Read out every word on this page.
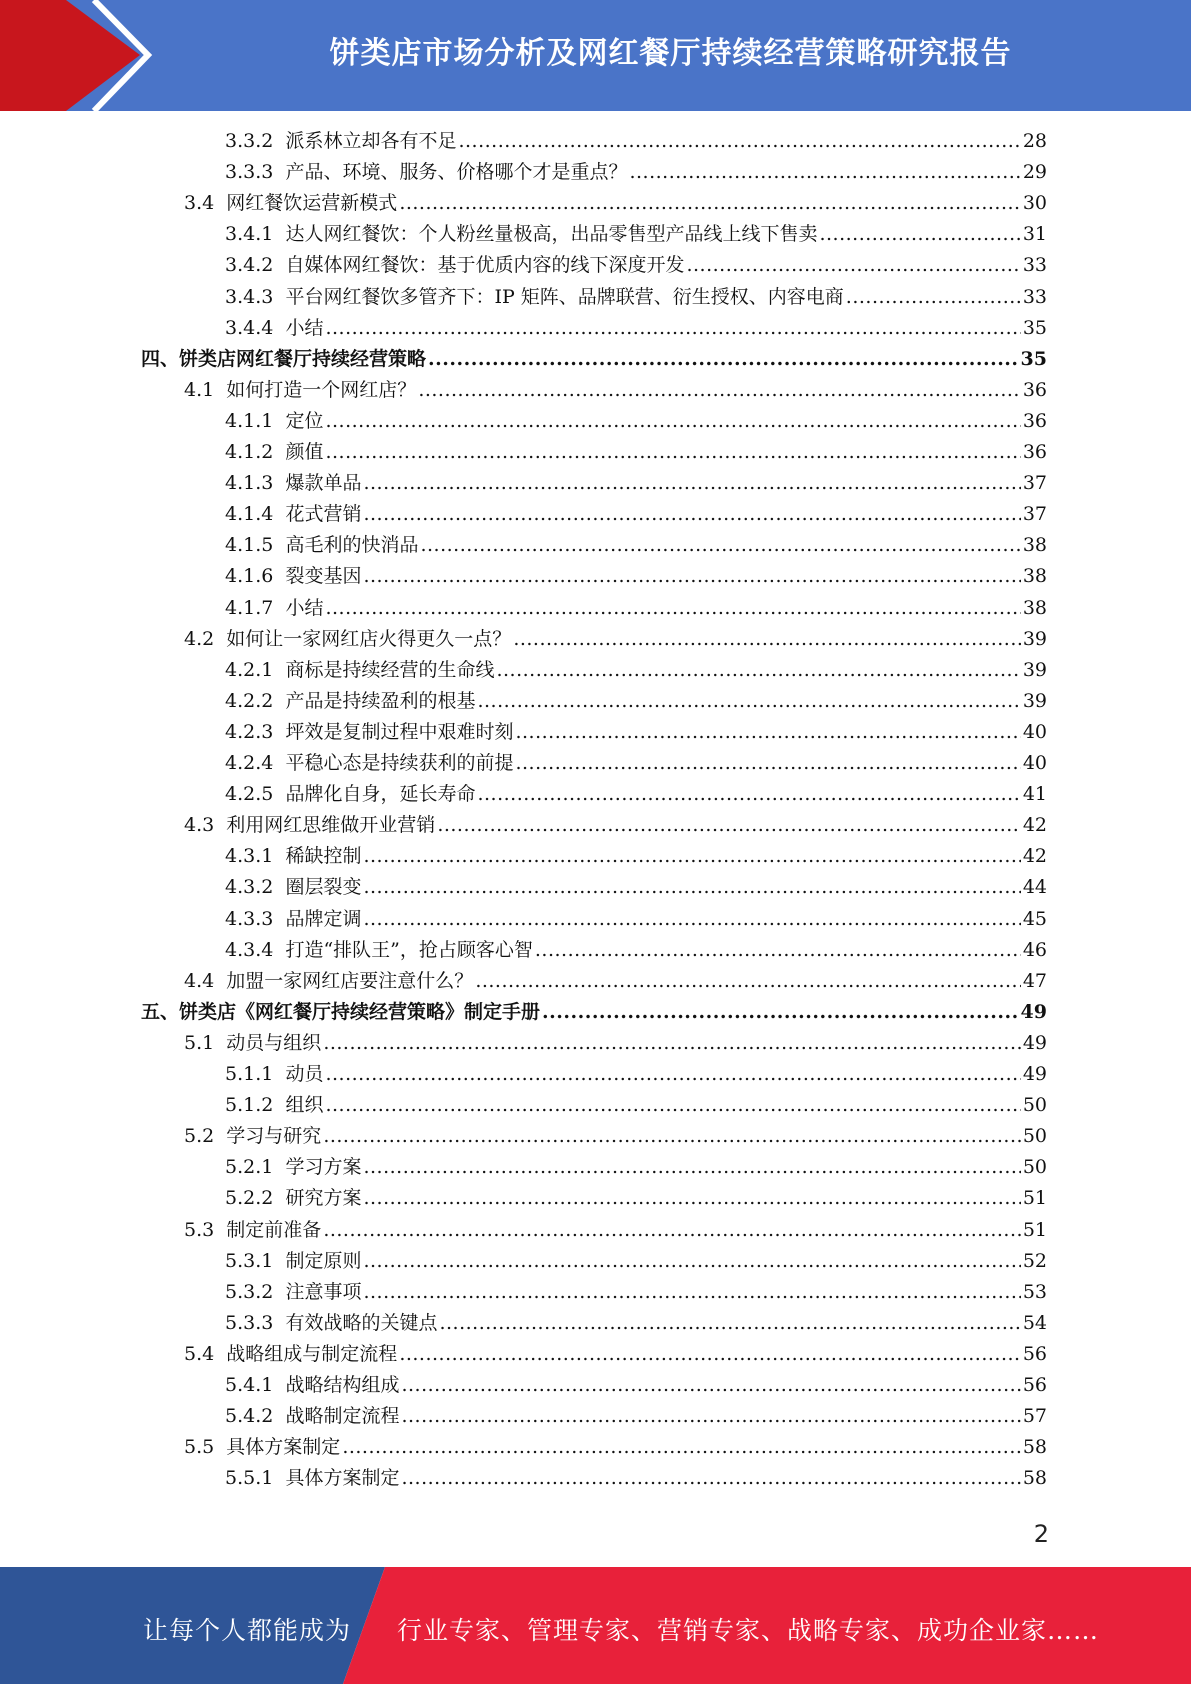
饼类店市场分析及网红餐厅持续经营策略研究报告
3.3.2 派系林立却各有不足 .....	28
3.3.3 产品、环境、服务、价格哪个才是重点？ .....	29
3.4 网红餐饮运营新模式 .....	30
3.4.1 达人网红餐饮：个人粉丝量极高，出品零售型产品线上线下售卖 .....	31
3.4.2 自媒体网红餐饮：基于优质内容的线下深度开发 .....	33
3.4.3 平台网红餐饮多管齐下：IP 矩阵、品牌联营、衍生授权、内容电商 .....	33
3.4.4 小结 .....	35
四、饼类店网红餐厅持续经营策略 .....	35
4.1 如何打造一个网红店？ .....	36
4.1.1 定位 .....	36
4.1.2 颜值 .....	36
4.1.3 爆款单品 .....	37
4.1.4 花式营销 .....	37
4.1.5 高毛利的快消品 .....	38
4.1.6 裂变基因 .....	38
4.1.7 小结 .....	38
4.2 如何让一家网红店火得更久一点？ .....	39
4.2.1 商标是持续经营的生命线 .....	39
4.2.2 产品是持续盈利的根基 .....	39
4.2.3 坪效是复制过程中艰难时刻 .....	40
4.2.4 平稳心态是持续获利的前提 .....	40
4.2.5 品牌化自身，延长寿命 .....	41
4.3 利用网红思维做开业营销 .....	42
4.3.1 稀缺控制 .....	42
4.3.2 圈层裂变 .....	44
4.3.3 品牌定调 .....	45
4.3.4 打造“排队王”，抢占顾客心智 .....	46
4.4 加盟一家网红店要注意什么？ .....	47
五、饼类店《网红餐厅持续经营策略》制定手册 .....	49
5.1 动员与组织 .....	49
5.1.1 动员 .....	49
5.1.2 组织 .....	50
5.2 学习与研究 .....	50
5.2.1 学习方案 .....	50
5.2.2 研究方案 .....	51
5.3 制定前准备 .....	51
5.3.1 制定原则 .....	52
5.3.2 注意事项 .....	53
5.3.3 有效战略的关键点 .....	54
5.4 战略组成与制定流程 .....	56
5.4.1 战略结构组成 .....	56
5.4.2 战略制定流程 .....	57
5.5 具体方案制定 .....	58
5.5.1 具体方案制定 .....	58
2
让每个人都能成为 行业专家、管理专家、营销专家、战略专家、成功企业家……
